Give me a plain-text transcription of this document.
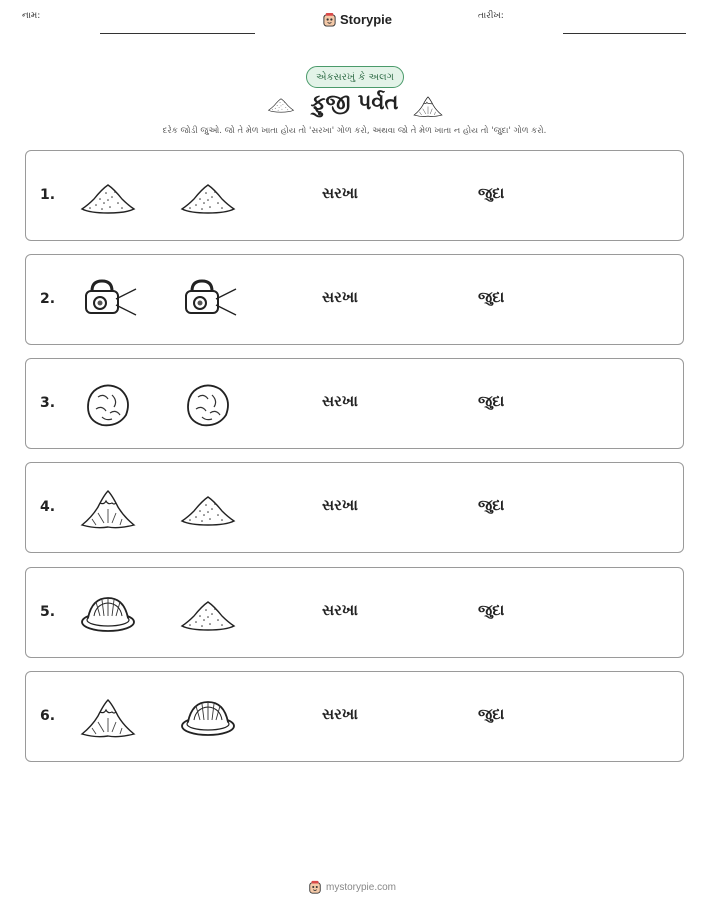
નામ:	Storypie	તારીખ:
એકસરખું કે અલગ
ફુજી પર્વત
દરેક જોડી જુઓ. જો તે મેળ ખાતા હોય તો 'સરખા' ગોળ કરો, અથવા જો તે મેળ ખાતા ન હોય તો 'જુદા' ગોળ કરો.
1.	સરખા	જુદા
2.	સરખા	જુદા
3.	સરખા	જુદા
4.	સરખા	જુદા
5.	સરખા	જુદા
6.	સરખા	જુદા
mystorypie.com
